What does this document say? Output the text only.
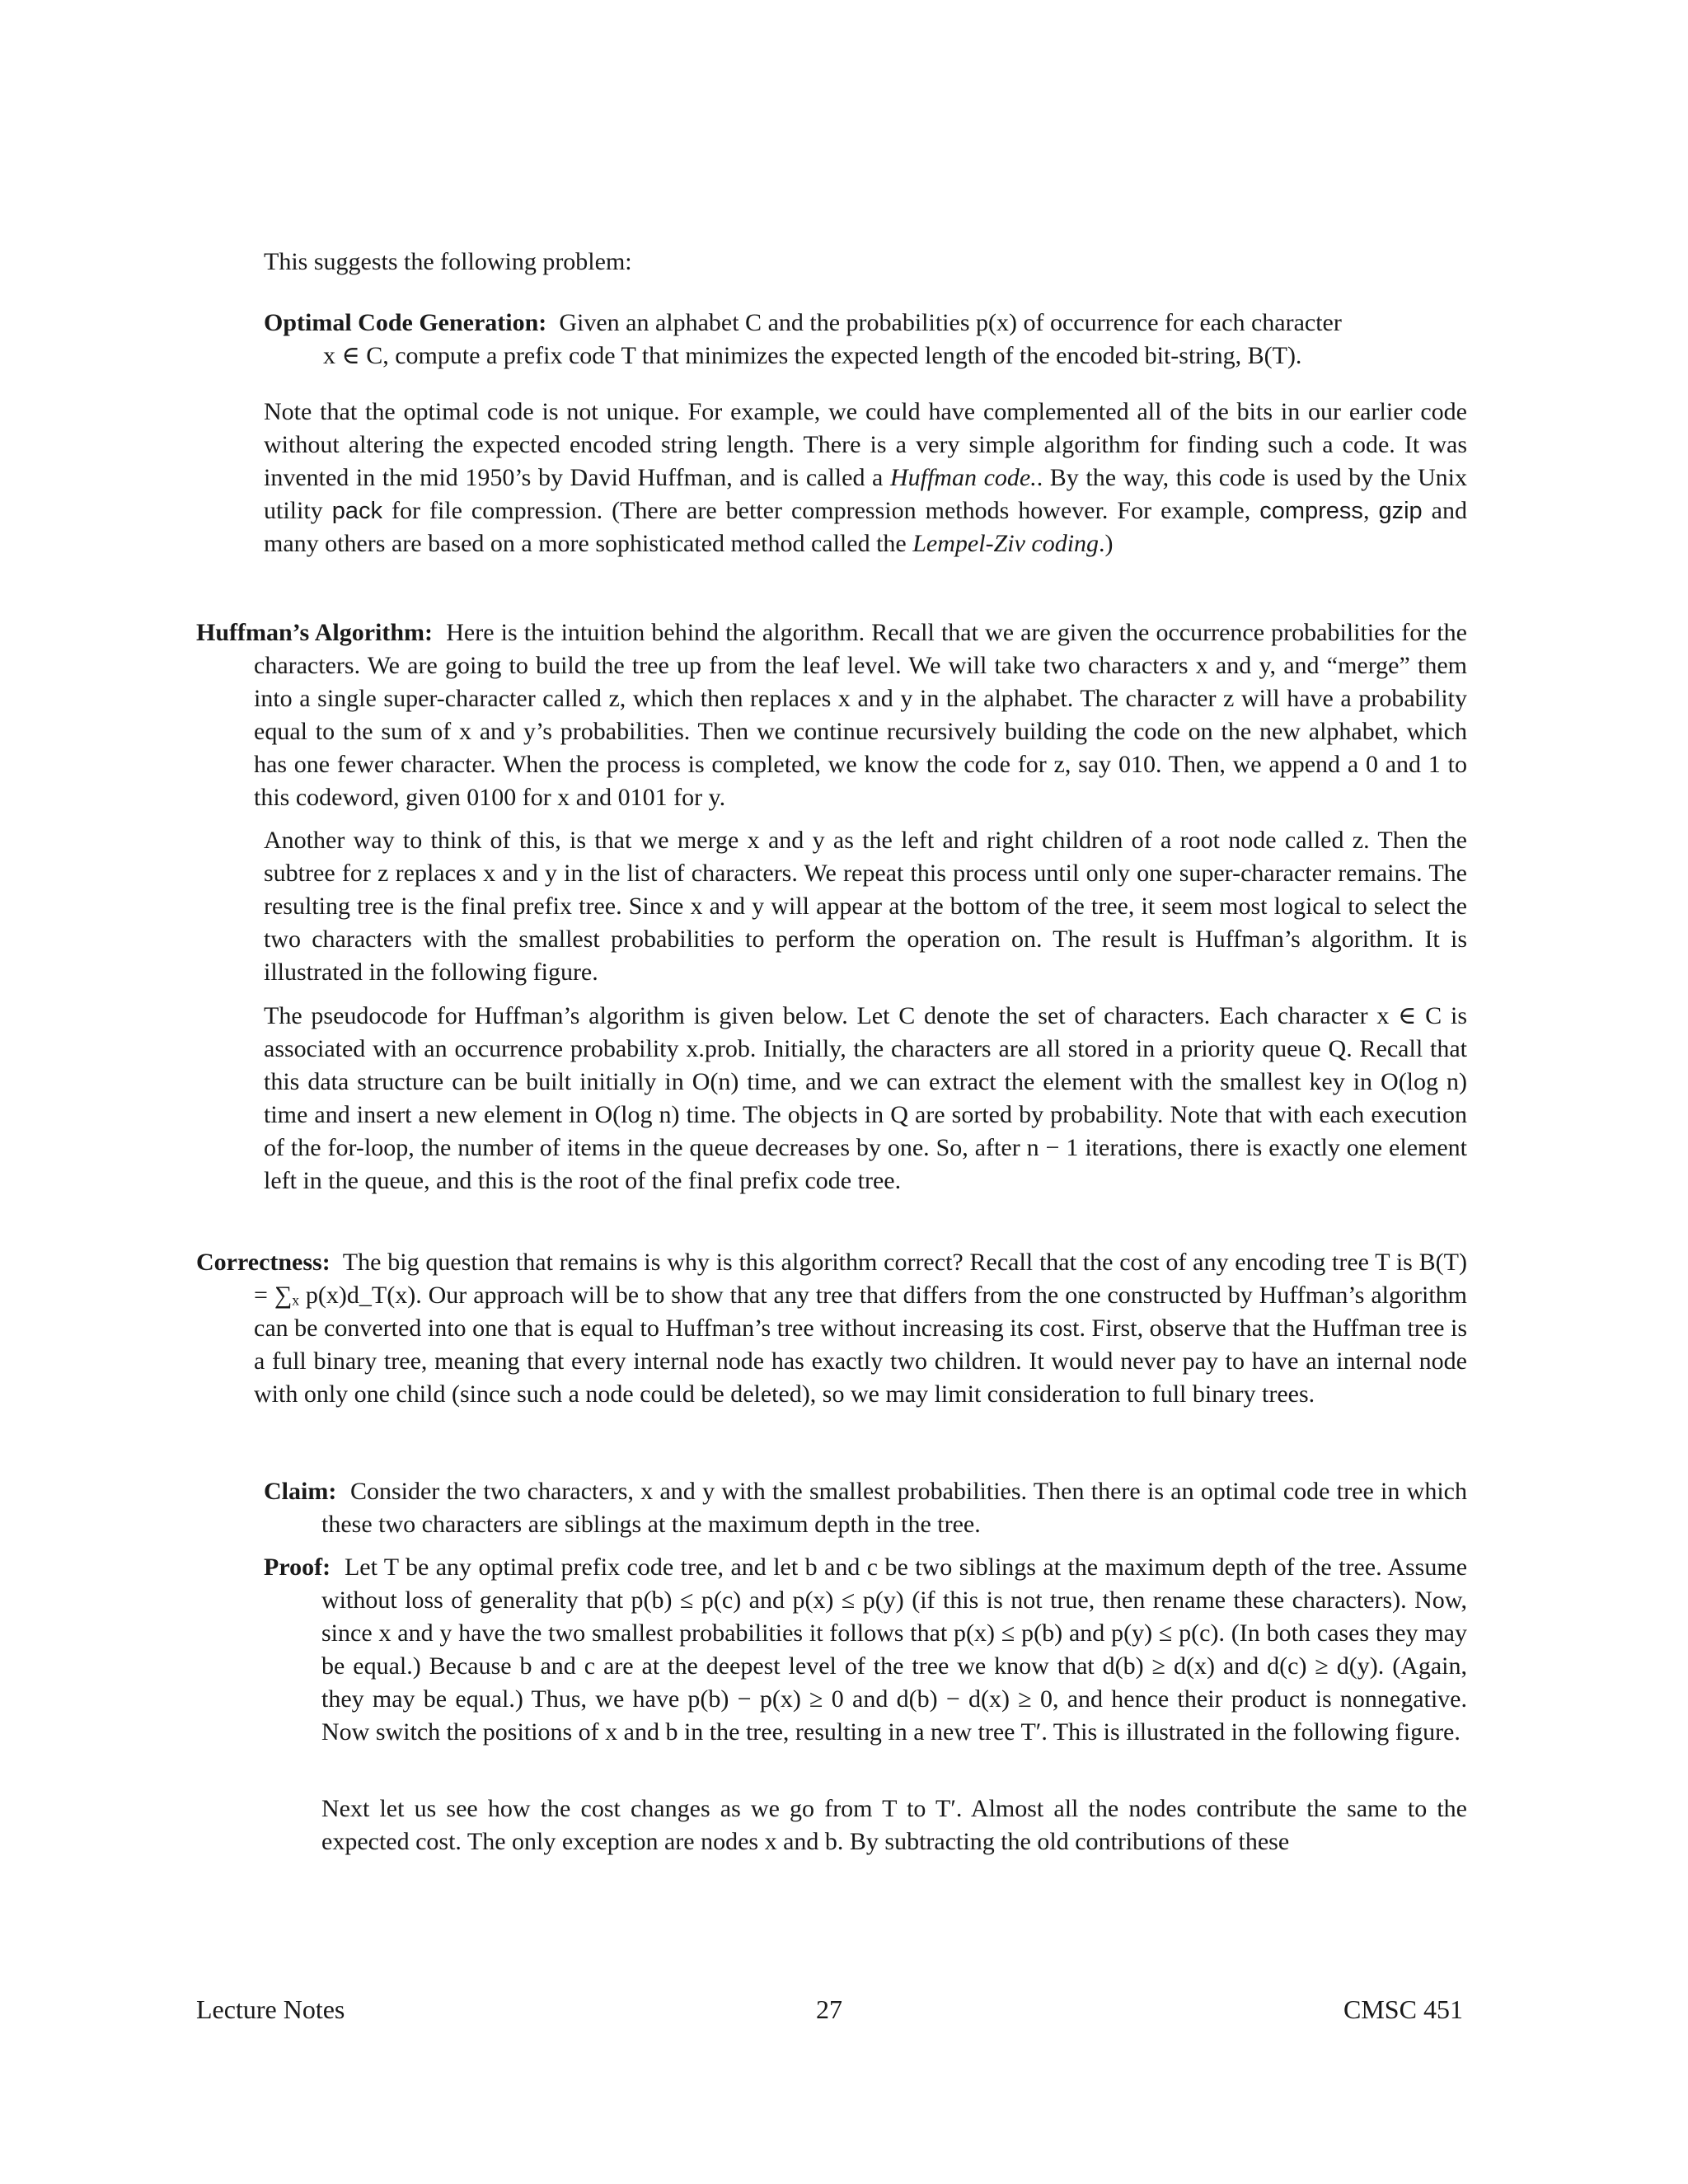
This suggests the following problem:

Optimal Code Generation: Given an alphabet C and the probabilities p(x) of occurrence for each character
x ∈ C, compute a prefix code T that minimizes the expected length of the encoded bit-string, B(T).
Note that the optimal code is not unique. For example, we could have complemented all of the bits in our earlier code without altering the expected encoded string length. There is a very simple algorithm for finding such a code. It was invented in the mid 1950’s by David Huffman, and is called a Huffman code.. By the way, this code is used by the Unix utility pack for file compression. (There are better compression methods however. For example, compress, gzip and many others are based on a more sophisticated method called the Lempel-Ziv coding.)
Huffman’s Algorithm: Here is the intuition behind the algorithm. Recall that we are given the occurrence probabilities for the characters. We are going to build the tree up from the leaf level. We will take two characters x and y, and “merge” them into a single super-character called z, which then replaces x and y in the alphabet. The character z will have a probability equal to the sum of x and y’s probabilities. Then we continue recursively building the code on the new alphabet, which has one fewer character. When the process is completed, we know the code for z, say 010. Then, we append a 0 and 1 to this codeword, given 0100 for x and 0101 for y.
Another way to think of this, is that we merge x and y as the left and right children of a root node called z. Then the subtree for z replaces x and y in the list of characters. We repeat this process until only one super-character remains. The resulting tree is the final prefix tree. Since x and y will appear at the bottom of the tree, it seem most logical to select the two characters with the smallest probabilities to perform the operation on. The result is Huffman’s algorithm. It is illustrated in the following figure.
The pseudocode for Huffman’s algorithm is given below. Let C denote the set of characters. Each character x ∈ C is associated with an occurrence probability x.prob. Initially, the characters are all stored in a priority queue Q. Recall that this data structure can be built initially in O(n) time, and we can extract the element with the smallest key in O(log n) time and insert a new element in O(log n) time. The objects in Q are sorted by probability. Note that with each execution of the for-loop, the number of items in the queue decreases by one. So, after n − 1 iterations, there is exactly one element left in the queue, and this is the root of the final prefix code tree.
Correctness: The big question that remains is why is this algorithm correct? Recall that the cost of any encoding tree T is B(T) = ∑ₓ p(x)d_T(x). Our approach will be to show that any tree that differs from the one constructed by Huffman’s algorithm can be converted into one that is equal to Huffman’s tree without increasing its cost. First, observe that the Huffman tree is a full binary tree, meaning that every internal node has exactly two children. It would never pay to have an internal node with only one child (since such a node could be deleted), so we may limit consideration to full binary trees.
Claim: Consider the two characters, x and y with the smallest probabilities. Then there is an optimal code tree in which these two characters are siblings at the maximum depth in the tree.
Proof: Let T be any optimal prefix code tree, and let b and c be two siblings at the maximum depth of the tree. Assume without loss of generality that p(b) ≤ p(c) and p(x) ≤ p(y) (if this is not true, then rename these characters). Now, since x and y have the two smallest probabilities it follows that p(x) ≤ p(b) and p(y) ≤ p(c). (In both cases they may be equal.) Because b and c are at the deepest level of the tree we know that d(b) ≥ d(x) and d(c) ≥ d(y). (Again, they may be equal.) Thus, we have p(b) − p(x) ≥ 0 and d(b) − d(x) ≥ 0, and hence their product is nonnegative. Now switch the positions of x and b in the tree, resulting in a new tree T′. This is illustrated in the following figure.
Next let us see how the cost changes as we go from T to T′. Almost all the nodes contribute the same to the expected cost. The only exception are nodes x and b. By subtracting the old contributions of these
Lecture Notes	27	CMSC 451
